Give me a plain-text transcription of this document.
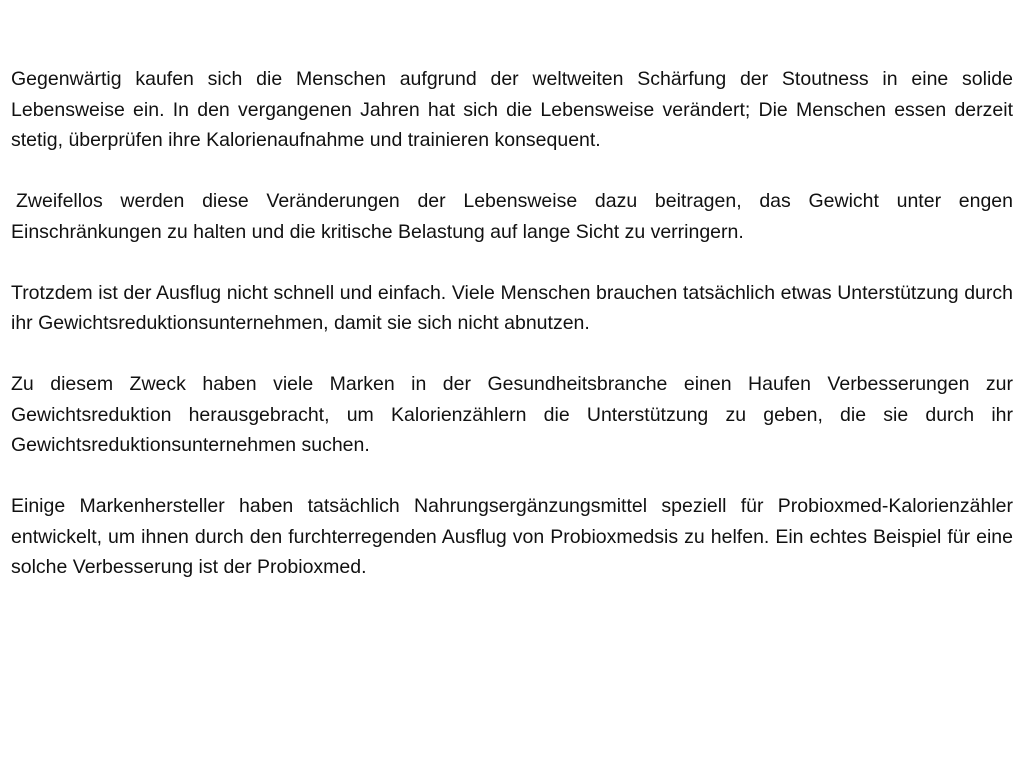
Gegenwärtig kaufen sich die Menschen aufgrund der weltweiten Schärfung der Stoutness in eine solide Lebensweise ein. In den vergangenen Jahren hat sich die Lebensweise verändert; Die Menschen essen derzeit stetig, überprüfen ihre Kalorienaufnahme und trainieren konsequent.

Zweifellos werden diese Veränderungen der Lebensweise dazu beitragen, das Gewicht unter engen Einschränkungen zu halten und die kritische Belastung auf lange Sicht zu verringern.

Trotzdem ist der Ausflug nicht schnell und einfach. Viele Menschen brauchen tatsächlich etwas Unterstützung durch ihr Gewichtsreduktionsunternehmen, damit sie sich nicht abnutzen.

Zu diesem Zweck haben viele Marken in der Gesundheitsbranche einen Haufen Verbesserungen zur Gewichtsreduktion herausgebracht, um Kalorienzählern die Unterstützung zu geben, die sie durch ihr Gewichtsreduktionsunternehmen suchen.

Einige Markenhersteller haben tatsächlich Nahrungsergänzungsmittel speziell für Probioxmed-Kalorienzähler entwickelt, um ihnen durch den furchterregenden Ausflug von Probioxmedsis zu helfen. Ein echtes Beispiel für eine solche Verbesserung ist der Probioxmed.
